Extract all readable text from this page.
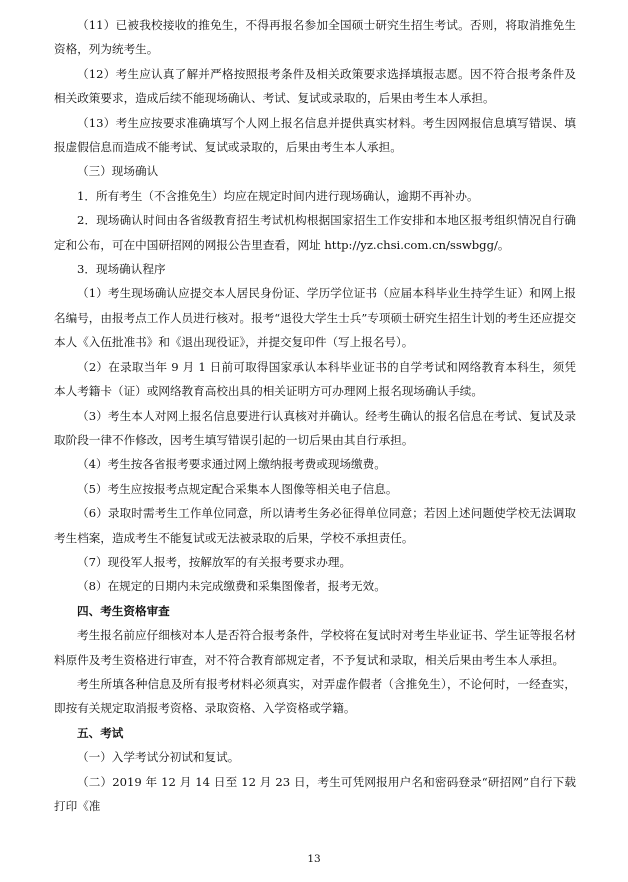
（11）已被我校接收的推免生，不得再报名参加全国硕士研究生招生考试。否则，将取消推免生资格，列为统考生。

（12）考生应认真了解并严格按照报考条件及相关政策要求选择填报志愿。因不符合报考条件及相关政策要求，造成后续不能现场确认、考试、复试或录取的，后果由考生本人承担。

（13）考生应按要求准确填写个人网上报名信息并提供真实材料。考生因网报信息填写错误、填报虚假信息而造成不能考试、复试或录取的，后果由考生本人承担。

（三）现场确认

1．所有考生（不含推免生）均应在规定时间内进行现场确认，逾期不再补办。

2．现场确认时间由各省级教育招生考试机构根据国家招生工作安排和本地区报考组织情况自行确定和公布，可在中国研招网的网报公告里查看，网址 http://yz.chsi.com.cn/sswbgg/。

3．现场确认程序

（1）考生现场确认应提交本人居民身份证、学历学位证书（应届本科毕业生持学生证）和网上报名编号，由报考点工作人员进行核对。报考“退役大学生士兵”专项硕士研究生招生计划的考生还应提交本人《入伍批准书》和《退出现役证》，并提交复印件（写上报名号）。

（2）在录取当年 9 月 1 日前可取得国家承认本科毕业证书的自学考试和网络教育本科生，须凭本人考籍卡（证）或网络教育高校出具的相关证明方可办理网上报名现场确认手续。

（3）考生本人对网上报名信息要进行认真核对并确认。经考生确认的报名信息在考试、复试及录取阶段一律不作修改，因考生填写错误引起的一切后果由其自行承担。

（4）考生按各省报考要求通过网上缴纳报考费或现场缴费。

（5）考生应按报考点规定配合采集本人图像等相关电子信息。

（6）录取时需考生工作单位同意，所以请考生务必征得单位同意；若因上述问题使学校无法调取考生档案，造成考生不能复试或无法被录取的后果，学校不承担责任。

（7）现役军人报考，按解放军的有关报考要求办理。

（8）在规定的日期内未完成缴费和采集图像者，报考无效。

四、考生资格审查

考生报名前应仔细核对本人是否符合报考条件，学校将在复试时对考生毕业证书、学生证等报名材料原件及考生资格进行审查，对不符合教育部规定者，不予复试和录取，相关后果由考生本人承担。

考生所填各种信息及所有报考材料必须真实，对弄虚作假者（含推免生），不论何时，一经查实，即按有关规定取消报考资格、录取资格、入学资格或学籍。

五、考试

（一）入学考试分初试和复试。

（二）2019 年 12 月 14 日至 12 月 23 日，考生可凭网报用户名和密码登录“研招网”自行下载打印《准

13
